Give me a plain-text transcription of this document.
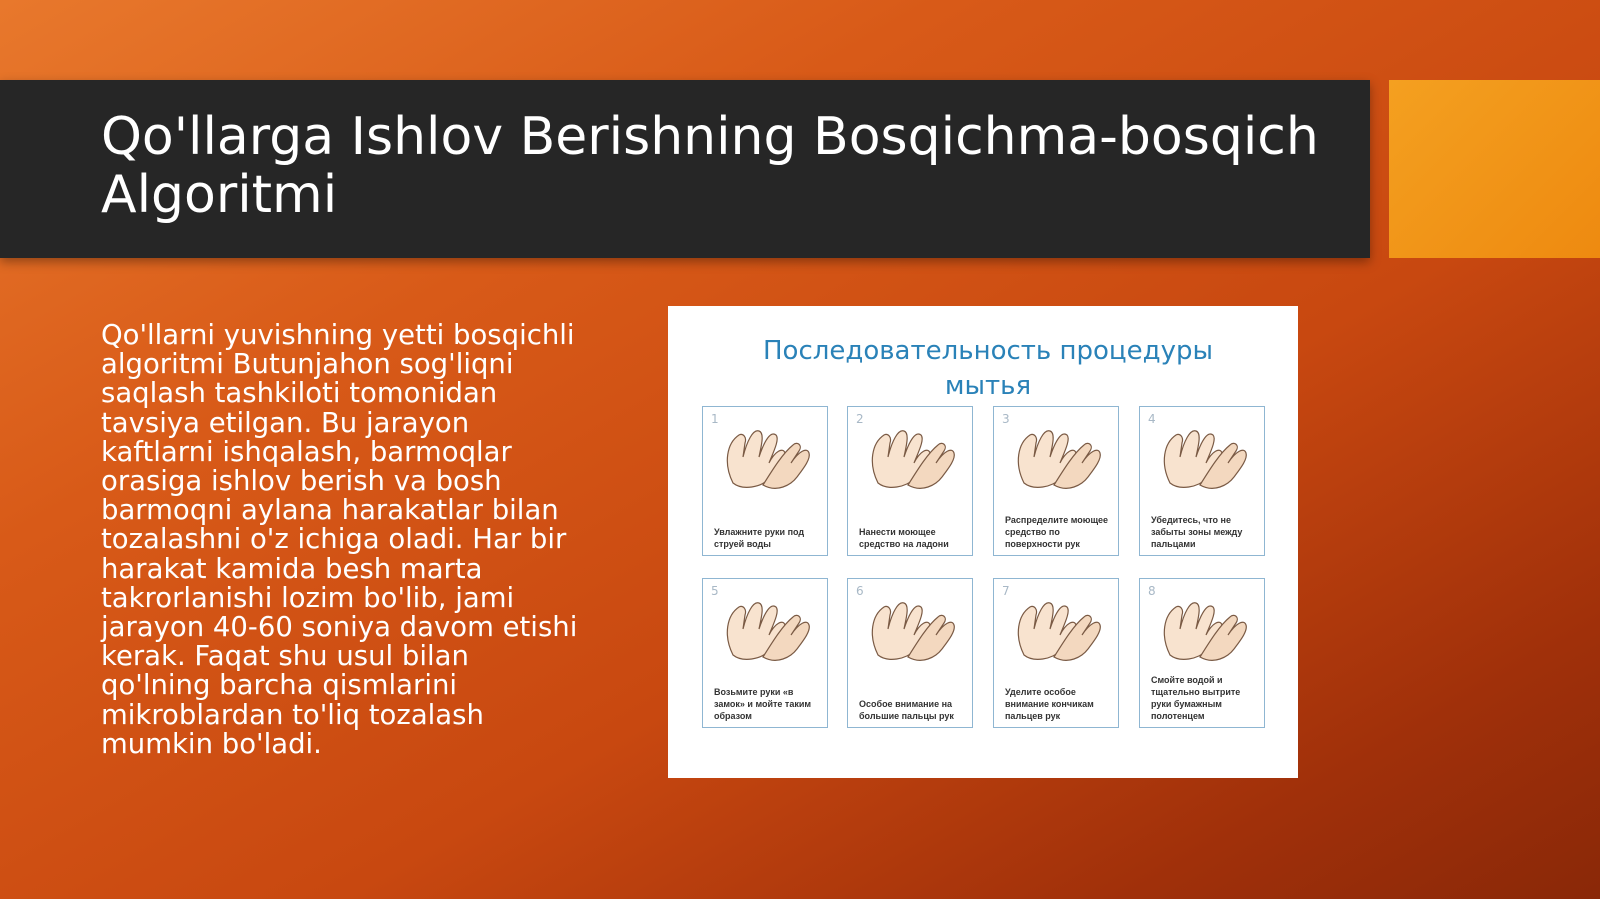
Qo'llarga Ishlov Berishning Bosqichma-bosqich Algoritmi
Qo'llarni yuvishning yetti bosqichli algoritmi Butunjahon sog'liqni saqlash tashkiloti tomonidan tavsiya etilgan. Bu jarayon kaftlarni ishqalash, barmoqlar orasiga ishlov berish va bosh barmoqni aylana harakatlar bilan tozalashni o'z ichiga oladi. Har bir harakat kamida besh marta takrorlanishi lozim bo'lib, jami jarayon 40-60 soniya davom etishi kerak. Faqat shu usul bilan qo'lning barcha qismlarini mikroblardan to'liq tozalash mumkin bo'ladi.
Последовательность процедуры мытья
1
Увлажните руки под струей воды
2
Нанести моющее средство на ладони
3
Распределите моющее средство по поверхности рук
4
Убедитесь, что не забыты зоны между пальцами
5
Возьмите руки «в замок» и мойте таким образом
6
Особое внимание на большие пальцы рук
7
Уделите особое внимание кончикам пальцев рук
8
Смойте водой и тщательно вытрите руки бумажным полотенцем
